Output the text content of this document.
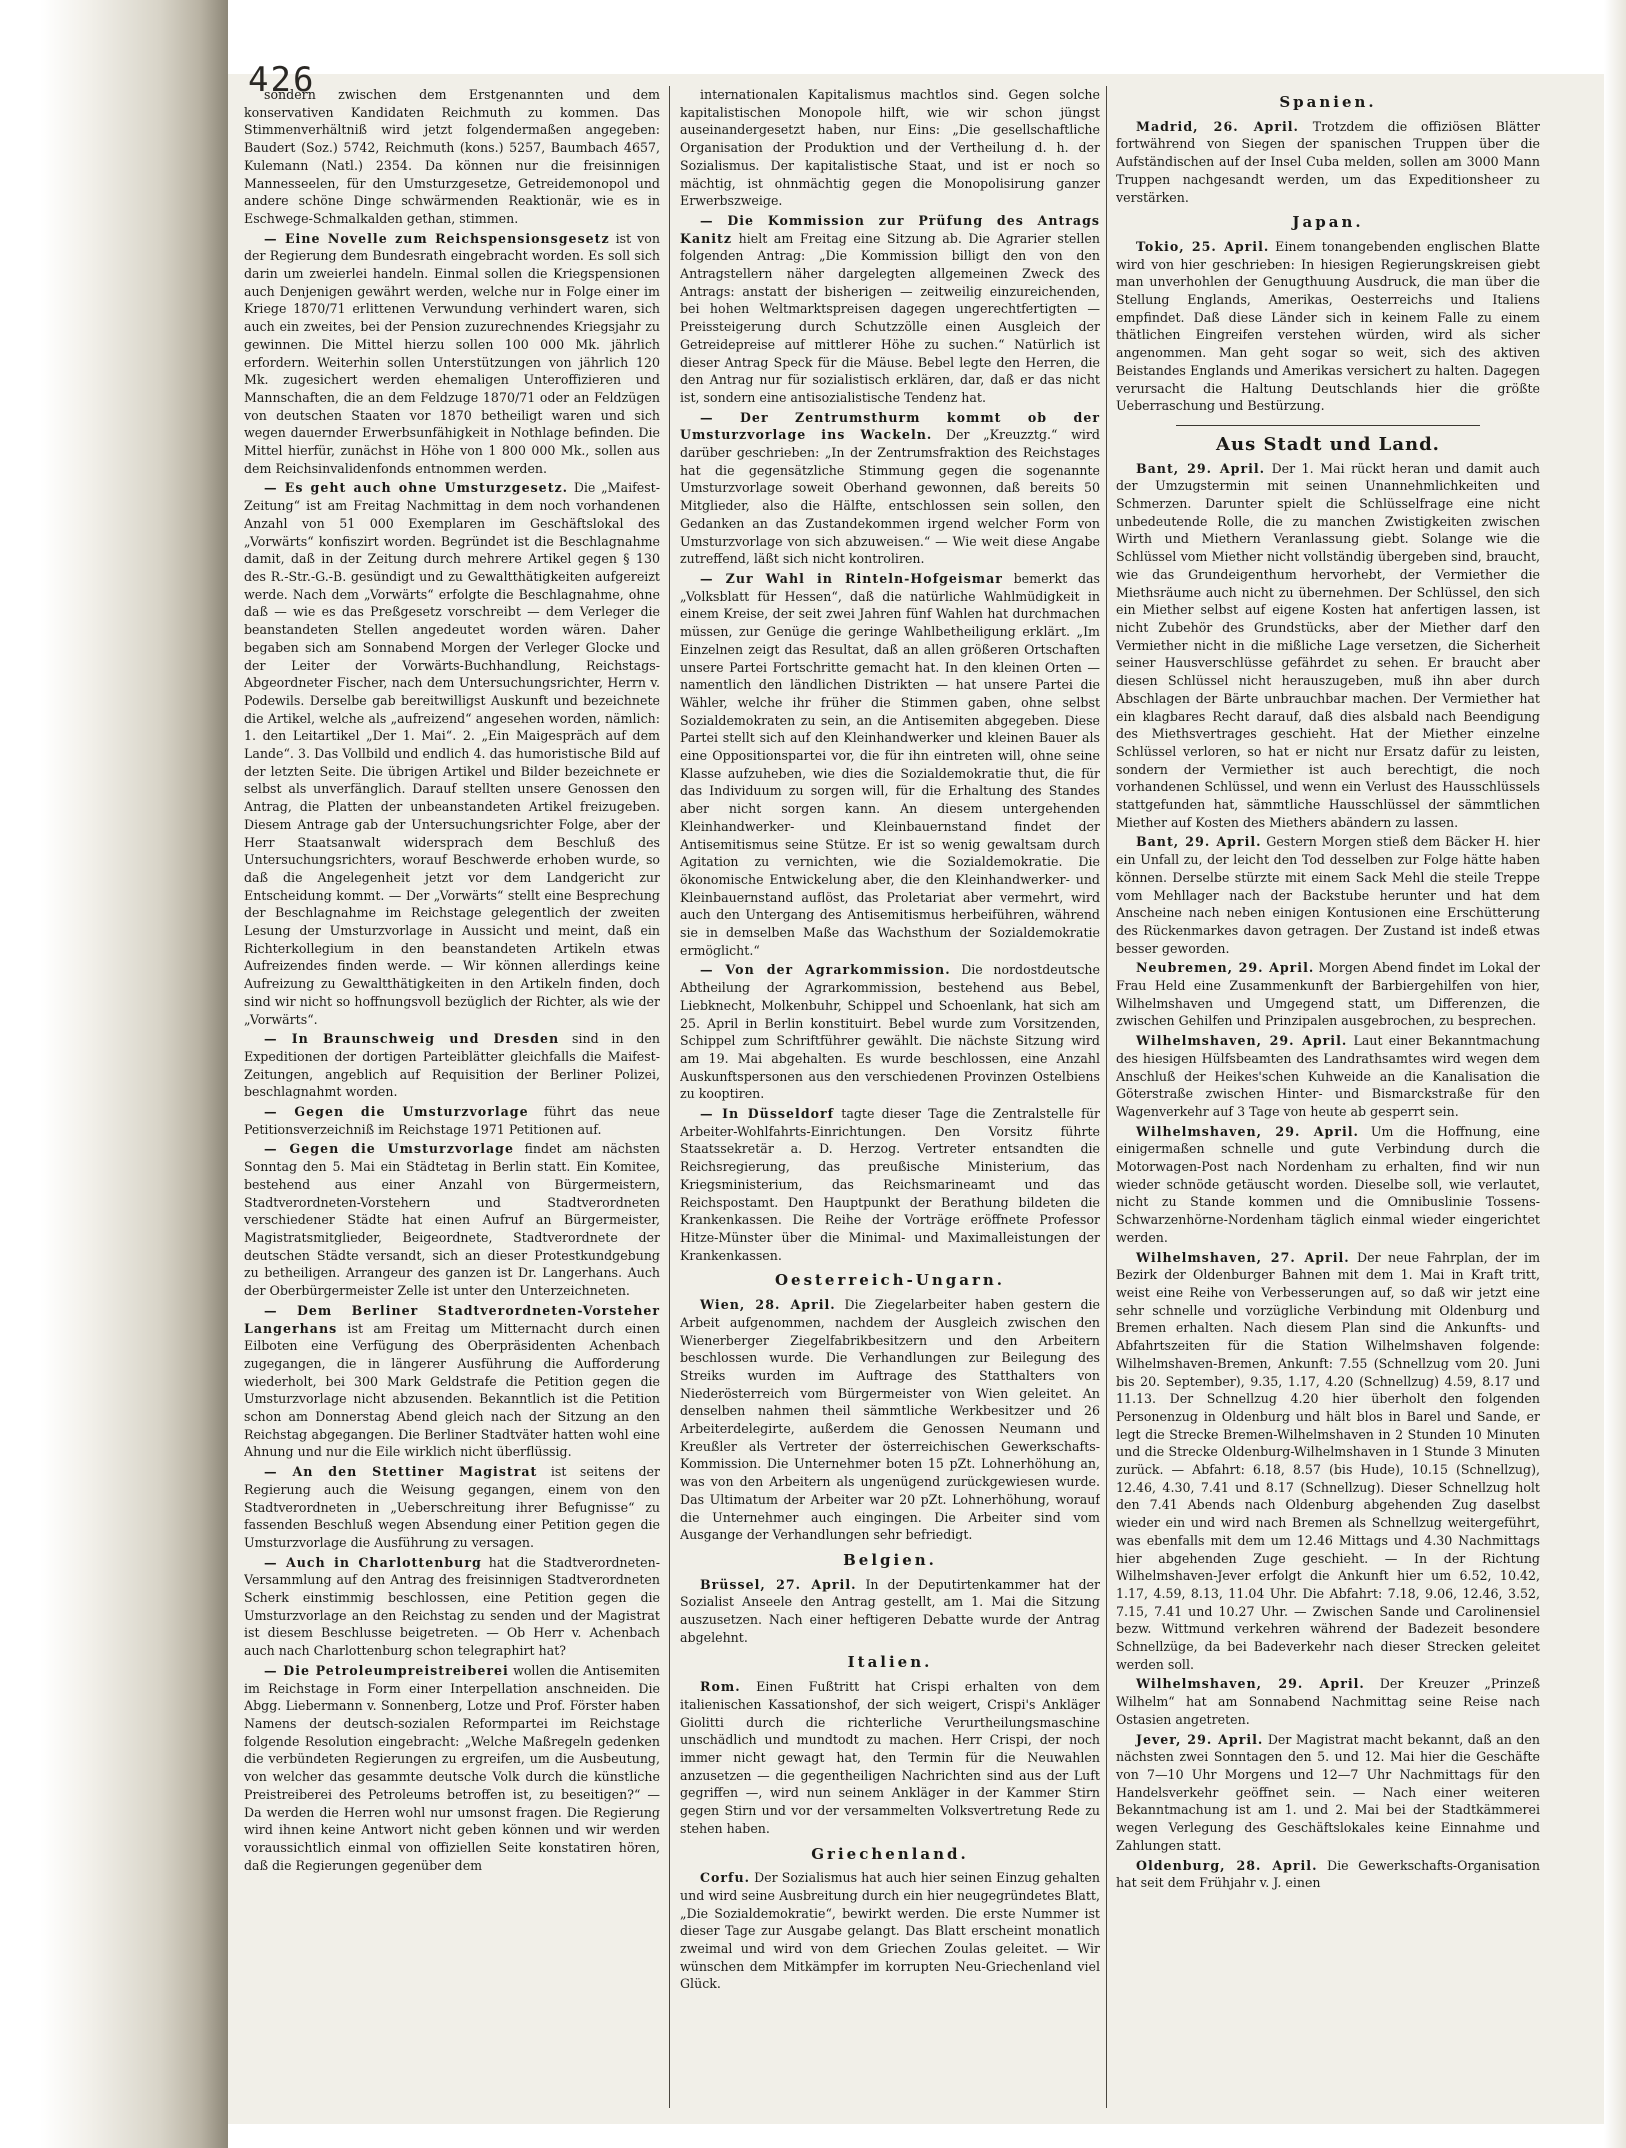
426

sondern zwischen dem Erstgenannten und dem konservativen Kandidaten Reichmuth zu kommen. Das Stimmenverhältniß wird jetzt folgendermaßen angegeben: Baudert (Soz.) 5742, Reichmuth (kons.) 5257, Baumbach 4657, Kulemann (Natl.) 2354. Da können nur die freisinnigen Mannesseelen, für den Umsturzgesetze, Getreidemonopol und andere schöne Dinge schwärmenden Reaktionär, wie es in Eschwege-Schmalkalden gethan, stimmen.

— Eine Novelle zum Reichspensionsgesetz ist von der Regierung dem Bundesrath eingebracht worden. Es soll sich darin um zweierlei handeln. Einmal sollen die Kriegspensionen auch Denjenigen gewährt werden, welche nur in Folge einer im Kriege 1870/71 erlittenen Verwundung verhindert waren, sich auch ein zweites, bei der Pension zuzurechnendes Kriegsjahr zu gewinnen. Die Mittel hierzu sollen 100 000 Mk. jährlich erfordern. Weiterhin sollen Unterstützungen von jährlich 120 Mk. zugesichert werden ehemaligen Unteroffizieren und Mannschaften, die an dem Feldzuge 1870/71 oder an Feldzügen von deutschen Staaten vor 1870 betheiligt waren und sich wegen dauernder Erwerbsunfähigkeit in Nothlage befinden. Die Mittel hierfür, zunächst in Höhe von 1 800 000 Mk., sollen aus dem Reichsinvalidenfonds entnommen werden.

— Es geht auch ohne Umsturzgesetz. Die „Maifest-Zeitung“ ist am Freitag Nachmittag in dem noch vorhandenen Anzahl von 51 000 Exemplaren im Geschäftslokal des „Vorwärts“ konfiszirt worden. Begründet ist die Beschlagnahme damit, daß in der Zeitung durch mehrere Artikel gegen § 130 des R.-Str.-G.-B. gesündigt und zu Gewaltthätigkeiten aufgereizt werde. Nach dem „Vorwärts“ erfolgte die Beschlagnahme, ohne daß — wie es das Preßgesetz vorschreibt — dem Verleger die beanstandeten Stellen angedeutet worden wären. Daher begaben sich am Sonnabend Morgen der Verleger Glocke und der Leiter der Vorwärts-Buchhandlung, Reichstags-Abgeordneter Fischer, nach dem Untersuchungsrichter, Herrn v. Podewils. Derselbe gab bereitwilligst Auskunft und bezeichnete die Artikel, welche als „aufreizend“ angesehen worden, nämlich: 1. den Leitartikel „Der 1. Mai“. 2. „Ein Maigespräch auf dem Lande“. 3. Das Vollbild und endlich 4. das humoristische Bild auf der letzten Seite. Die übrigen Artikel und Bilder bezeichnete er selbst als unverfänglich. Darauf stellten unsere Genossen den Antrag, die Platten der unbeanstandeten Artikel freizugeben. Diesem Antrage gab der Untersuchungsrichter Folge, aber der Herr Staatsanwalt widersprach dem Beschluß des Untersuchungsrichters, worauf Beschwerde erhoben wurde, so daß die Angelegenheit jetzt vor dem Landgericht zur Entscheidung kommt. — Der „Vorwärts“ stellt eine Besprechung der Beschlagnahme im Reichstage gelegentlich der zweiten Lesung der Umsturzvorlage in Aussicht und meint, daß ein Richterkollegium in den beanstandeten Artikeln etwas Aufreizendes finden werde. — Wir können allerdings keine Aufreizung zu Gewaltthätigkeiten in den Artikeln finden, doch sind wir nicht so hoffnungsvoll bezüglich der Richter, als wie der „Vorwärts“.

— In Braunschweig und Dresden sind in den Expeditionen der dortigen Parteiblätter gleichfalls die Maifest-Zeitungen, angeblich auf Requisition der Berliner Polizei, beschlagnahmt worden.

— Gegen die Umsturzvorlage führt das neue Petitionsverzeichniß im Reichstage 1971 Petitionen auf.

— Gegen die Umsturzvorlage findet am nächsten Sonntag den 5. Mai ein Städtetag in Berlin statt. Ein Komitee, bestehend aus einer Anzahl von Bürgermeistern, Stadtverordneten-Vorstehern und Stadtverordneten verschiedener Städte hat einen Aufruf an Bürgermeister, Magistratsmitglieder, Beigeordnete, Stadtverordnete der deutschen Städte versandt, sich an dieser Protestkundgebung zu betheiligen. Arrangeur des ganzen ist Dr. Langerhans. Auch der Oberbürgermeister Zelle ist unter den Unterzeichneten.

— Dem Berliner Stadtverordneten-Vorsteher Langerhans ist am Freitag um Mitternacht durch einen Eilboten eine Verfügung des Oberpräsidenten Achenbach zugegangen, die in längerer Ausführung die Aufforderung wiederholt, bei 300 Mark Geldstrafe die Petition gegen die Umsturzvorlage nicht abzusenden. Bekanntlich ist die Petition schon am Donnerstag Abend gleich nach der Sitzung an den Reichstag abgegangen. Die Berliner Stadtväter hatten wohl eine Ahnung und nur die Eile wirklich nicht überflüssig.

— An den Stettiner Magistrat ist seitens der Regierung auch die Weisung gegangen, einem von den Stadtverordneten in „Ueberschreitung ihrer Befugnisse“ zu fassenden Beschluß wegen Absendung einer Petition gegen die Umsturzvorlage die Ausführung zu versagen.

— Auch in Charlottenburg hat die Stadtverordneten-Versammlung auf den Antrag des freisinnigen Stadtverordneten Scherk einstimmig beschlossen, eine Petition gegen die Umsturzvorlage an den Reichstag zu senden und der Magistrat ist diesem Beschlusse beigetreten. — Ob Herr v. Achenbach auch nach Charlottenburg schon telegraphirt hat?

— Die Petroleumpreistreiberei wollen die Antisemiten im Reichstage in Form einer Interpellation anschneiden. Die Abgg. Liebermann v. Sonnenberg, Lotze und Prof. Förster haben Namens der deutsch-sozialen Reformpartei im Reichstage folgende Resolution eingebracht: „Welche Maßregeln gedenken die verbündeten Regierungen zu ergreifen, um die Ausbeutung, von welcher das gesammte deutsche Volk durch die künstliche Preistreiberei des Petroleums betroffen ist, zu beseitigen?“ — Da werden die Herren wohl nur umsonst fragen. Die Regierung wird ihnen keine Antwort nicht geben können und wir werden voraussichtlich einmal von offiziellen Seite konstatiren hören, daß die Regierungen gegenüber dem

internationalen Kapitalismus machtlos sind. Gegen solche kapitalistischen Monopole hilft, wie wir schon jüngst auseinandergesetzt haben, nur Eins: „Die gesellschaftliche Organisation der Produktion und der Vertheilung d. h. der Sozialismus. Der kapitalistische Staat, und ist er noch so mächtig, ist ohnmächtig gegen die Monopolisirung ganzer Erwerbszweige.

— Die Kommission zur Prüfung des Antrags Kanitz hielt am Freitag eine Sitzung ab. Die Agrarier stellen folgenden Antrag: „Die Kommission billigt den von den Antragstellern näher dargelegten allgemeinen Zweck des Antrags: anstatt der bisherigen — zeitweilig einzureichenden, bei hohen Weltmarktspreisen dagegen ungerechtfertigten — Preissteigerung durch Schutzzölle einen Ausgleich der Getreidepreise auf mittlerer Höhe zu suchen.“ Natürlich ist dieser Antrag Speck für die Mäuse. Bebel legte den Herren, die den Antrag nur für sozialistisch erklären, dar, daß er das nicht ist, sondern eine antisozialistische Tendenz hat.

— Der Zentrumsthurm kommt ob der Umsturzvorlage ins Wackeln. Der „Kreuzztg.“ wird darüber geschrieben: „In der Zentrumsfraktion des Reichstages hat die gegensätzliche Stimmung gegen die sogenannte Umsturzvorlage soweit Oberhand gewonnen, daß bereits 50 Mitglieder, also die Hälfte, entschlossen sein sollen, den Gedanken an das Zustandekommen irgend welcher Form von Umsturzvorlage von sich abzuweisen.“ — Wie weit diese Angabe zutreffend, läßt sich nicht kontroliren.

— Zur Wahl in Rinteln-Hofgeismar bemerkt das „Volksblatt für Hessen“, daß die natürliche Wahlmüdigkeit in einem Kreise, der seit zwei Jahren fünf Wahlen hat durchmachen müssen, zur Genüge die geringe Wahlbetheiligung erklärt. „Im Einzelnen zeigt das Resultat, daß an allen größeren Ortschaften unsere Partei Fortschritte gemacht hat. In den kleinen Orten — namentlich den ländlichen Distrikten — hat unsere Partei die Wähler, welche ihr früher die Stimmen gaben, ohne selbst Sozialdemokraten zu sein, an die Antisemiten abgegeben. Diese Partei stellt sich auf den Kleinhandwerker und kleinen Bauer als eine Oppositionspartei vor, die für ihn eintreten will, ohne seine Klasse aufzuheben, wie dies die Sozialdemokratie thut, die für das Individuum zu sorgen will, für die Erhaltung des Standes aber nicht sorgen kann. An diesem untergehenden Kleinhandwerker- und Kleinbauernstand findet der Antisemitismus seine Stütze. Er ist so wenig gewaltsam durch Agitation zu vernichten, wie die Sozialdemokratie. Die ökonomische Entwickelung aber, die den Kleinhandwerker- und Kleinbauernstand auflöst, das Proletariat aber vermehrt, wird auch den Untergang des Antisemitismus herbeiführen, während sie in demselben Maße das Wachsthum der Sozialdemokratie ermöglicht.“

— Von der Agrarkommission. Die nordostdeutsche Abtheilung der Agrarkommission, bestehend aus Bebel, Liebknecht, Molkenbuhr, Schippel und Schoenlank, hat sich am 25. April in Berlin konstituirt. Bebel wurde zum Vorsitzenden, Schippel zum Schriftführer gewählt. Die nächste Sitzung wird am 19. Mai abgehalten. Es wurde beschlossen, eine Anzahl Auskunftspersonen aus den verschiedenen Provinzen Ostelbiens zu kooptiren.

— In Düsseldorf tagte dieser Tage die Zentralstelle für Arbeiter-Wohlfahrts-Einrichtungen. Den Vorsitz führte Staatssekretär a. D. Herzog. Vertreter entsandten die Reichsregierung, das preußische Ministerium, das Kriegsministerium, das Reichsmarineamt und das Reichspostamt. Den Hauptpunkt der Berathung bildeten die Krankenkassen. Die Reihe der Vorträge eröffnete Professor Hitze-Münster über die Minimal- und Maximalleistungen der Krankenkassen.

Oesterreich-Ungarn.

Wien, 28. April. Die Ziegelarbeiter haben gestern die Arbeit aufgenommen, nachdem der Ausgleich zwischen den Wienerberger Ziegelfabrikbesitzern und den Arbeitern beschlossen wurde. Die Verhandlungen zur Beilegung des Streiks wurden im Auftrage des Statthalters von Niederösterreich vom Bürgermeister von Wien geleitet. An denselben nahmen theil sämmtliche Werkbesitzer und 26 Arbeiterdelegirte, außerdem die Genossen Neumann und Kreußler als Vertreter der österreichischen Gewerkschafts-Kommission. Die Unternehmer boten 15 pZt. Lohnerhöhung an, was von den Arbeitern als ungenügend zurückgewiesen wurde. Das Ultimatum der Arbeiter war 20 pZt. Lohnerhöhung, worauf die Unternehmer auch eingingen. Die Arbeiter sind vom Ausgange der Verhandlungen sehr befriedigt.

Belgien.

Brüssel, 27. April. In der Deputirtenkammer hat der Sozialist Anseele den Antrag gestellt, am 1. Mai die Sitzung auszusetzen. Nach einer heftigeren Debatte wurde der Antrag abgelehnt.

Italien.

Rom. Einen Fußtritt hat Crispi erhalten von dem italienischen Kassationshof, der sich weigert, Crispi's Ankläger Giolitti durch die richterliche Verurtheilungsmaschine unschädlich und mundtodt zu machen. Herr Crispi, der noch immer nicht gewagt hat, den Termin für die Neuwahlen anzusetzen — die gegentheiligen Nachrichten sind aus der Luft gegriffen —, wird nun seinem Ankläger in der Kammer Stirn gegen Stirn und vor der versammelten Volksvertretung Rede zu stehen haben.

Griechenland.

Corfu. Der Sozialismus hat auch hier seinen Einzug gehalten und wird seine Ausbreitung durch ein hier neugegründetes Blatt, „Die Sozialdemokratie“, bewirkt werden. Die erste Nummer ist dieser Tage zur Ausgabe gelangt. Das Blatt erscheint monatlich zweimal und wird von dem Griechen Zoulas geleitet. — Wir wünschen dem Mitkämpfer im korrupten Neu-Griechenland viel Glück.

Spanien.

Madrid, 26. April. Trotzdem die offiziösen Blätter fortwährend von Siegen der spanischen Truppen über die Aufständischen auf der Insel Cuba melden, sollen am 3000 Mann Truppen nachgesandt werden, um das Expeditionsheer zu verstärken.

Japan.

Tokio, 25. April. Einem tonangebenden englischen Blatte wird von hier geschrieben: In hiesigen Regierungskreisen giebt man unverhohlen der Genugthuung Ausdruck, die man über die Stellung Englands, Amerikas, Oesterreichs und Italiens empfindet. Daß diese Länder sich in keinem Falle zu einem thätlichen Eingreifen verstehen würden, wird als sicher angenommen. Man geht sogar so weit, sich des aktiven Beistandes Englands und Amerikas versichert zu halten. Dagegen verursacht die Haltung Deutschlands hier die größte Ueberraschung und Bestürzung.

Aus Stadt und Land.

Bant, 29. April. Der 1. Mai rückt heran und damit auch der Umzugstermin mit seinen Unannehmlichkeiten und Schmerzen. Darunter spielt die Schlüsselfrage eine nicht unbedeutende Rolle, die zu manchen Zwistigkeiten zwischen Wirth und Miethern Veranlassung giebt. Solange wie die Schlüssel vom Miether nicht vollständig übergeben sind, braucht, wie das Grundeigenthum hervorhebt, der Vermiether die Miethsräume auch nicht zu übernehmen. Der Schlüssel, den sich ein Miether selbst auf eigene Kosten hat anfertigen lassen, ist nicht Zubehör des Grundstücks, aber der Miether darf den Vermiether nicht in die mißliche Lage versetzen, die Sicherheit seiner Hausverschlüsse gefährdet zu sehen. Er braucht aber diesen Schlüssel nicht herauszugeben, muß ihn aber durch Abschlagen der Bärte unbrauchbar machen. Der Vermiether hat ein klagbares Recht darauf, daß dies alsbald nach Beendigung des Miethsvertrages geschieht. Hat der Miether einzelne Schlüssel verloren, so hat er nicht nur Ersatz dafür zu leisten, sondern der Vermiether ist auch berechtigt, die noch vorhandenen Schlüssel, und wenn ein Verlust des Hausschlüssels stattgefunden hat, sämmtliche Hausschlüssel der sämmtlichen Miether auf Kosten des Miethers abändern zu lassen.

Bant, 29. April. Gestern Morgen stieß dem Bäcker H. hier ein Unfall zu, der leicht den Tod desselben zur Folge hätte haben können. Derselbe stürzte mit einem Sack Mehl die steile Treppe vom Mehllager nach der Backstube herunter und hat dem Anscheine nach neben einigen Kontusionen eine Erschütterung des Rückenmarkes davon getragen. Der Zustand ist indeß etwas besser geworden.

Neubremen, 29. April. Morgen Abend findet im Lokal der Frau Held eine Zusammenkunft der Barbiergehilfen von hier, Wilhelmshaven und Umgegend statt, um Differenzen, die zwischen Gehilfen und Prinzipalen ausgebrochen, zu besprechen.

Wilhelmshaven, 29. April. Laut einer Bekanntmachung des hiesigen Hülfsbeamten des Landrathsamtes wird wegen dem Anschluß der Heikes'schen Kuhweide an die Kanalisation die Göterstraße zwischen Hinter- und Bismarckstraße für den Wagenverkehr auf 3 Tage von heute ab gesperrt sein.

Wilhelmshaven, 29. April. Um die Hoffnung, eine einigermaßen schnelle und gute Verbindung durch die Motorwagen-Post nach Nordenham zu erhalten, find wir nun wieder schnöde getäuscht worden. Dieselbe soll, wie verlautet, nicht zu Stande kommen und die Omnibuslinie Tossens-Schwarzenhörne-Nordenham täglich einmal wieder eingerichtet werden.

Wilhelmshaven, 27. April. Der neue Fahrplan, der im Bezirk der Oldenburger Bahnen mit dem 1. Mai in Kraft tritt, weist eine Reihe von Verbesserungen auf, so daß wir jetzt eine sehr schnelle und vorzügliche Verbindung mit Oldenburg und Bremen erhalten. Nach diesem Plan sind die Ankunfts- und Abfahrtszeiten für die Station Wilhelmshaven folgende: Wilhelmshaven-Bremen, Ankunft: 7.55 (Schnellzug vom 20. Juni bis 20. September), 9.35, 1.17, 4.20 (Schnellzug) 4.59, 8.17 und 11.13. Der Schnellzug 4.20 hier überholt den folgenden Personenzug in Oldenburg und hält blos in Barel und Sande, er legt die Strecke Bremen-Wilhelmshaven in 2 Stunden 10 Minuten und die Strecke Oldenburg-Wilhelmshaven in 1 Stunde 3 Minuten zurück. — Abfahrt: 6.18, 8.57 (bis Hude), 10.15 (Schnellzug), 12.46, 4.30, 7.41 und 8.17 (Schnellzug). Dieser Schnellzug holt den 7.41 Abends nach Oldenburg abgehenden Zug daselbst wieder ein und wird nach Bremen als Schnellzug weitergeführt, was ebenfalls mit dem um 12.46 Mittags und 4.30 Nachmittags hier abgehenden Zuge geschieht. — In der Richtung Wilhelmshaven-Jever erfolgt die Ankunft hier um 6.52, 10.42, 1.17, 4.59, 8.13, 11.04 Uhr. Die Abfahrt: 7.18, 9.06, 12.46, 3.52, 7.15, 7.41 und 10.27 Uhr. — Zwischen Sande und Carolinensiel bezw. Wittmund verkehren während der Badezeit besondere Schnellzüge, da bei Badeverkehr nach dieser Strecken geleitet werden soll.

Wilhelmshaven, 29. April. Der Kreuzer „Prinzeß Wilhelm“ hat am Sonnabend Nachmittag seine Reise nach Ostasien angetreten.

Jever, 29. April. Der Magistrat macht bekannt, daß an den nächsten zwei Sonntagen den 5. und 12. Mai hier die Geschäfte von 7—10 Uhr Morgens und 12—7 Uhr Nachmittags für den Handelsverkehr geöffnet sein. — Nach einer weiteren Bekanntmachung ist am 1. und 2. Mai bei der Stadtkämmerei wegen Verlegung des Geschäftslokales keine Einnahme und Zahlungen statt.

Oldenburg, 28. April. Die Gewerkschafts-Organisation hat seit dem Frühjahr v. J. einen
